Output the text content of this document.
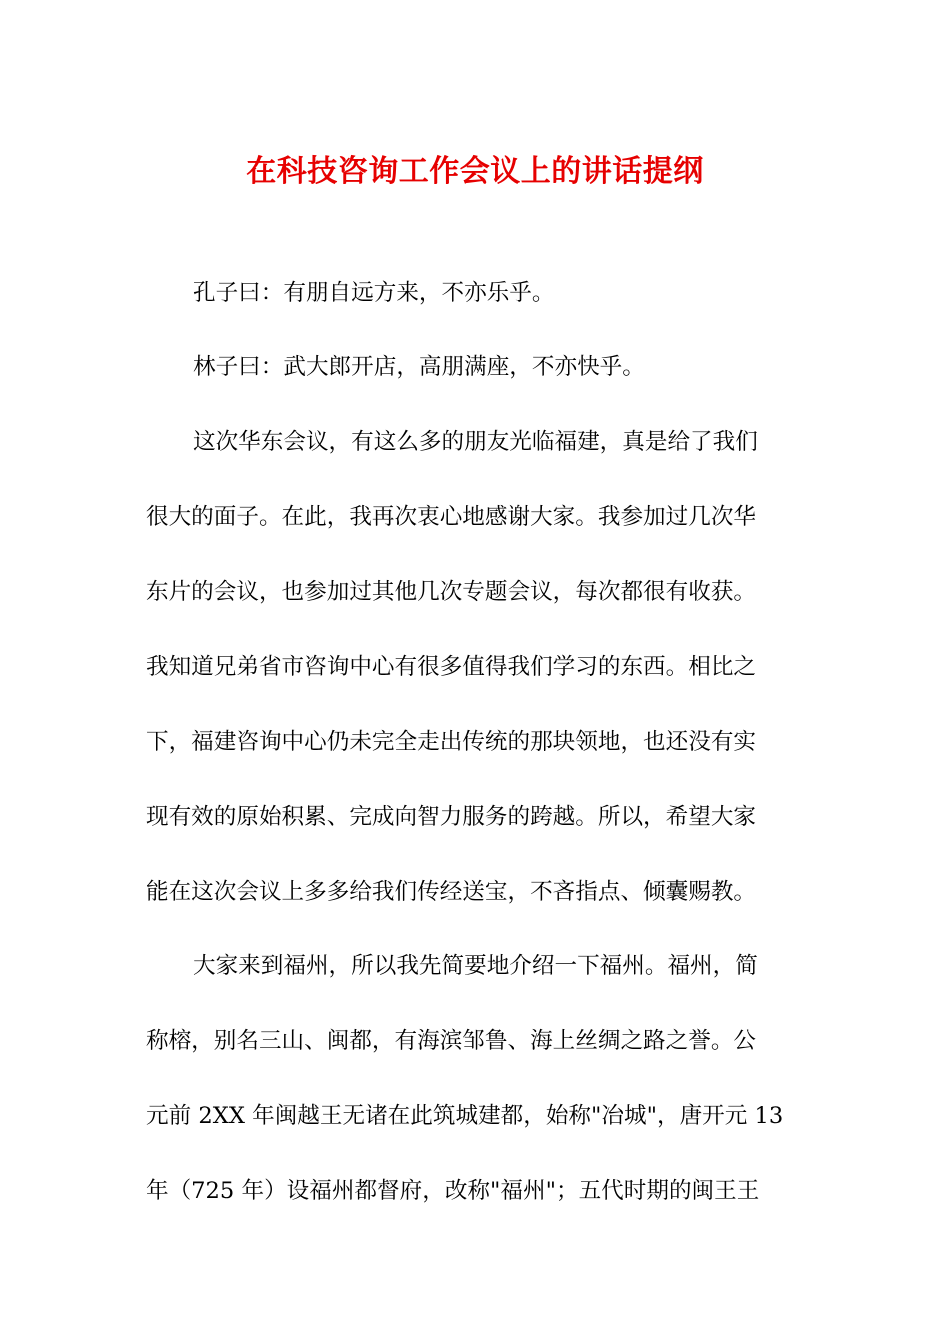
在科技咨询工作会议上的讲话提纲
孔子曰：有朋自远方来，不亦乐乎。
林子曰：武大郎开店，高朋满座，不亦快乎。
这次华东会议，有这么多的朋友光临福建，真是给了我们
很大的面子。在此，我再次衷心地感谢大家。我参加过几次华
东片的会议，也参加过其他几次专题会议，每次都很有收获。
我知道兄弟省市咨询中心有很多值得我们学习的东西。相比之
下，福建咨询中心仍未完全走出传统的那块领地，也还没有实
现有效的原始积累、完成向智力服务的跨越。所以，希望大家
能在这次会议上多多给我们传经送宝，不吝指点、倾囊赐教。
大家来到福州，所以我先简要地介绍一下福州。福州，简
称榕，别名三山、闽都，有海滨邹鲁、海上丝绸之路之誉。公
元前 2XX 年闽越王无诸在此筑城建都，始称"冶城"，唐开元 13
年（725 年）设福州都督府，改称"福州"；五代时期的闽王王
